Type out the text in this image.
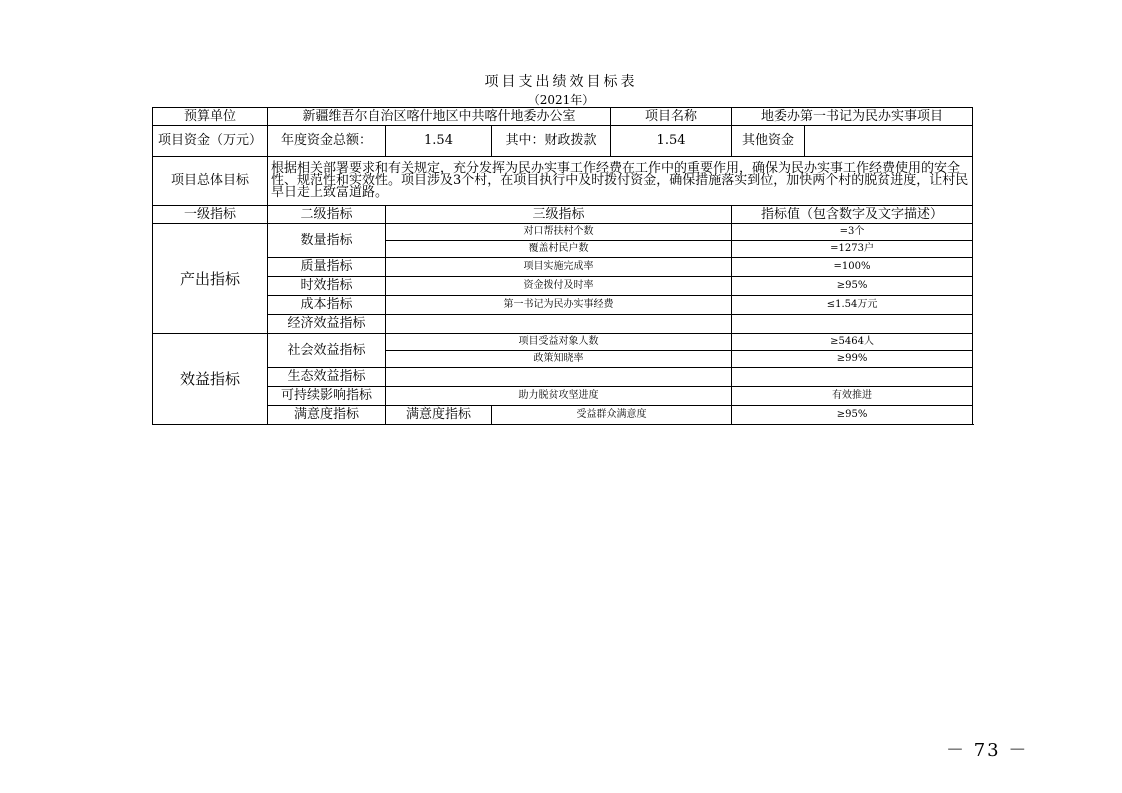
项目支出绩效目标表
（2021年）
预算单位	新疆维吾尔自治区喀什地区中共喀什地委办公室			项目名称	地委办第一书记为民办实事项目
项目资金（万元）	年度资金总额：	1.54	其中：财政拨款	1.54	其他资金

项目总体目标	根据相关部署要求和有关规定，充分发挥为民办实事工作经费在工作中的重要作用，确保为民办实事工作经费使用的安全性、规范性和实效性。项目涉及3个村，在项目执行中及时拨付资金，确保措施落实到位，加快两个村的脱贫进度，让村民早日走上致富道路。				
一级指标	二级指标	三级指标			指标值（包含数字及文字描述）
产出指标	数量指标	对口帮扶村个数			=3个
		覆盖村民户数			=1273户
	质量指标	项目实施完成率			=100%
	时效指标	资金拨付及时率			≥95%
	成本指标	第一书记为民办实事经费			≤1.54万元
	经济效益指标				
效益指标	社会效益指标	项目受益对象人数			≥5464人
		政策知晓率			≥99%
	生态效益指标				
	可持续影响指标	助力脱贫攻坚进度			有效推进
	满意度指标	满意度指标	受益群众满意度		≥95%
－ 73 －
